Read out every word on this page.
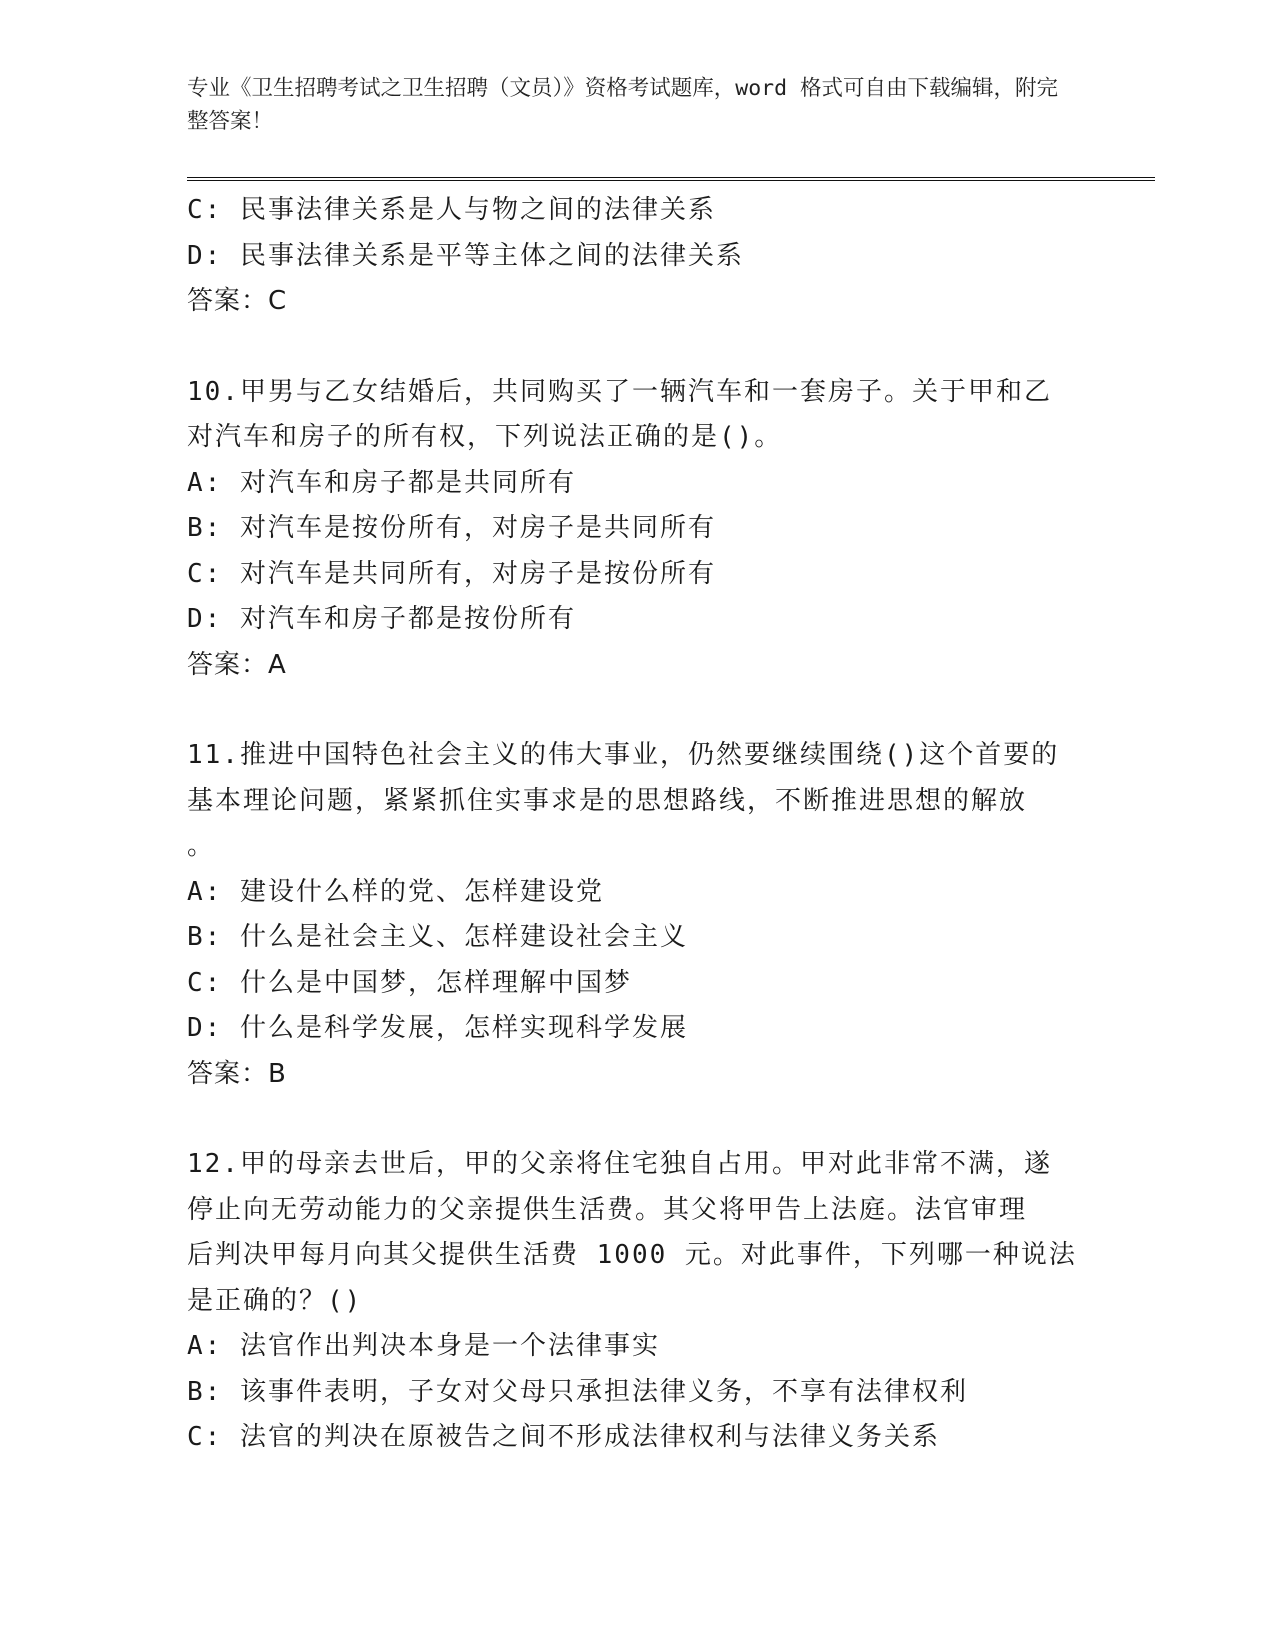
专业《卫生招聘考试之卫生招聘（文员）》资格考试题库，word 格式可自由下载编辑，附完整答案！
C: 民事法律关系是人与物之间的法律关系
D: 民事法律关系是平等主体之间的法律关系
答案：C
10.甲男与乙女结婚后，共同购买了一辆汽车和一套房子。关于甲和乙
对汽车和房子的所有权，下列说法正确的是()。
A: 对汽车和房子都是共同所有
B: 对汽车是按份所有，对房子是共同所有
C: 对汽车是共同所有，对房子是按份所有
D: 对汽车和房子都是按份所有
答案：A
11.推进中国特色社会主义的伟大事业，仍然要继续围绕()这个首要的
基本理论问题，紧紧抓住实事求是的思想路线，不断推进思想的解放
。
A: 建设什么样的党、怎样建设党
B: 什么是社会主义、怎样建设社会主义
C: 什么是中国梦，怎样理解中国梦
D: 什么是科学发展，怎样实现科学发展
答案：B
12.甲的母亲去世后，甲的父亲将住宅独自占用。甲对此非常不满，遂
停止向无劳动能力的父亲提供生活费。其父将甲告上法庭。法官审理
后判决甲每月向其父提供生活费 1000 元。对此事件，下列哪一种说法
是正确的？()
A: 法官作出判决本身是一个法律事实
B: 该事件表明，子女对父母只承担法律义务，不享有法律权利
C: 法官的判决在原被告之间不形成法律权利与法律义务关系
